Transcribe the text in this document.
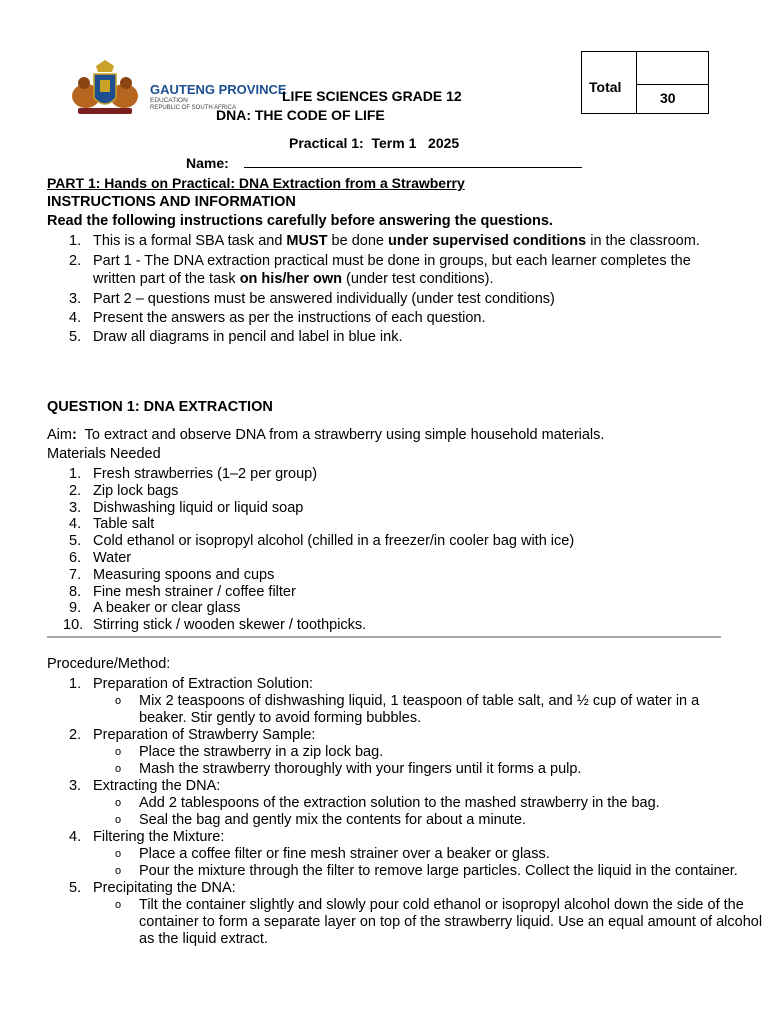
GAUTENG PROVINCE
EDUCATION
REPUBLIC OF SOUTH AFRICA
Total
30
LIFE SCIENCES GRADE 12
DNA: THE CODE OF LIFE
Practical 1:  Term 1   2025
Name:
PART 1: Hands on Practical: DNA Extraction from a Strawberry
INSTRUCTIONS AND INFORMATION
Read the following instructions carefully before answering the questions.
1. This is a formal SBA task and MUST be done under supervised conditions in the classroom.
2. Part 1 - The DNA extraction practical must be done in groups, but each learner completes the written part of the task on his/her own (under test conditions).
3. Part 2 – questions must be answered individually (under test conditions)
4. Present the answers as per the instructions of each question.
5. Draw all diagrams in pencil and label in blue ink.
QUESTION 1: DNA EXTRACTION
Aim:  To extract and observe DNA from a strawberry using simple household materials.
Materials Needed
1. Fresh strawberries (1–2 per group)
2. Zip lock bags
3. Dishwashing liquid or liquid soap
4. Table salt
5. Cold ethanol or isopropyl alcohol (chilled in a freezer/in cooler bag with ice)
6. Water
7. Measuring spoons and cups
8. Fine mesh strainer / coffee filter
9. A beaker or clear glass
10. Stirring stick / wooden skewer / toothpicks.
Procedure/Method:
1. Preparation of Extraction Solution:
o Mix 2 teaspoons of dishwashing liquid, 1 teaspoon of table salt, and ½ cup of water in a beaker. Stir gently to avoid forming bubbles.
2. Preparation of Strawberry Sample:
o Place the strawberry in a zip lock bag.
o Mash the strawberry thoroughly with your fingers until it forms a pulp.
3. Extracting the DNA:
o Add 2 tablespoons of the extraction solution to the mashed strawberry in the bag.
o Seal the bag and gently mix the contents for about a minute.
4. Filtering the Mixture:
o Place a coffee filter or fine mesh strainer over a beaker or glass.
o Pour the mixture through the filter to remove large particles. Collect the liquid in the container.
5. Precipitating the DNA:
o Tilt the container slightly and slowly pour cold ethanol or isopropyl alcohol down the side of the container to form a separate layer on top of the strawberry liquid. Use an equal amount of alcohol as the liquid extract.
